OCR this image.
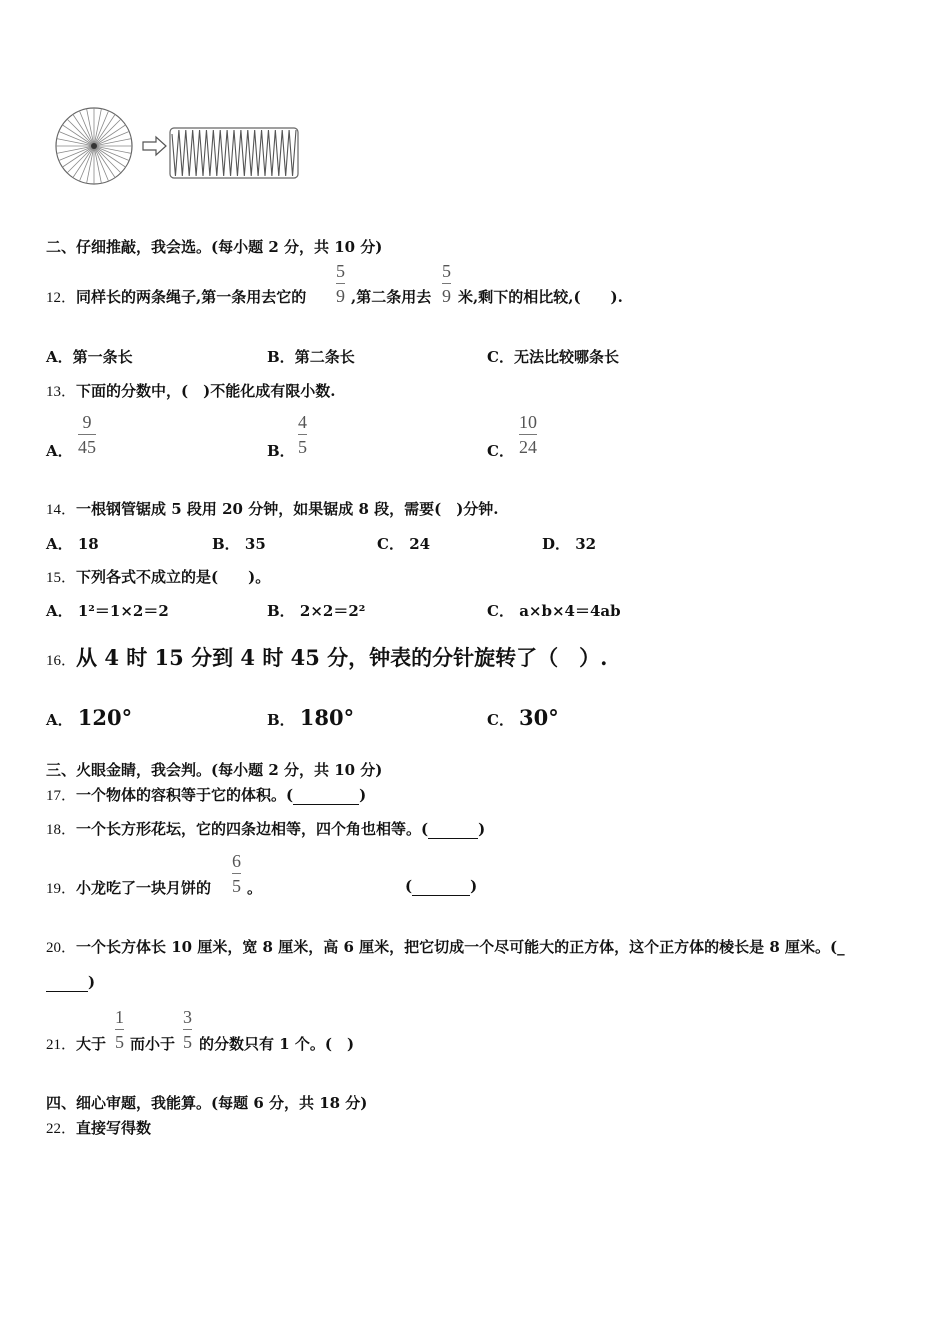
二、仔细推敲，我会选。(每小题 2 分，共 10 分)
12．同样长的两条绳子,第一条用去它的
5
9 ,第二条用去
5
9 米,剩下的相比较,(　　).
A．第一条长	B．第二条长	C．无法比较哪条长
13．下面的分数中，(　)不能化成有限小数.
A．
9
45	B．
4
5	C．
10
24
14．一根钢管锯成 5 段用 20 分钟，如果锯成 8 段，需要(　)分钟.
A． 18	B． 35	C． 24	D． 32
15．下列各式不成立的是(　　)。
A． 1²＝1×2＝2	B． 2×2＝2²	C． a×b×4＝4ab
16．从 4 时 15 分到 4 时 45 分，钟表的分针旋转了（　）.
A． 120°	B． 180°	C． 30°
三、火眼金睛，我会判。(每小题 2 分，共 10 分)
17．一个物体的容积等于它的体积。(	)
18．一个长方形花坛，它的四条边相等，四个角也相等。(	)
19．小龙吃了一块月饼的
6
5 。	(	)
20．一个长方体长 10 厘米，宽 8 厘米，高 6 厘米，把它切成一个尽可能大的正方体，这个正方体的棱长是 8 厘米。(_
)
21．大于
1
5 而小于
3
5 的分数只有 1 个。(　)
四、细心审题，我能算。(每题 6 分，共 18 分)
22．直接写得数
